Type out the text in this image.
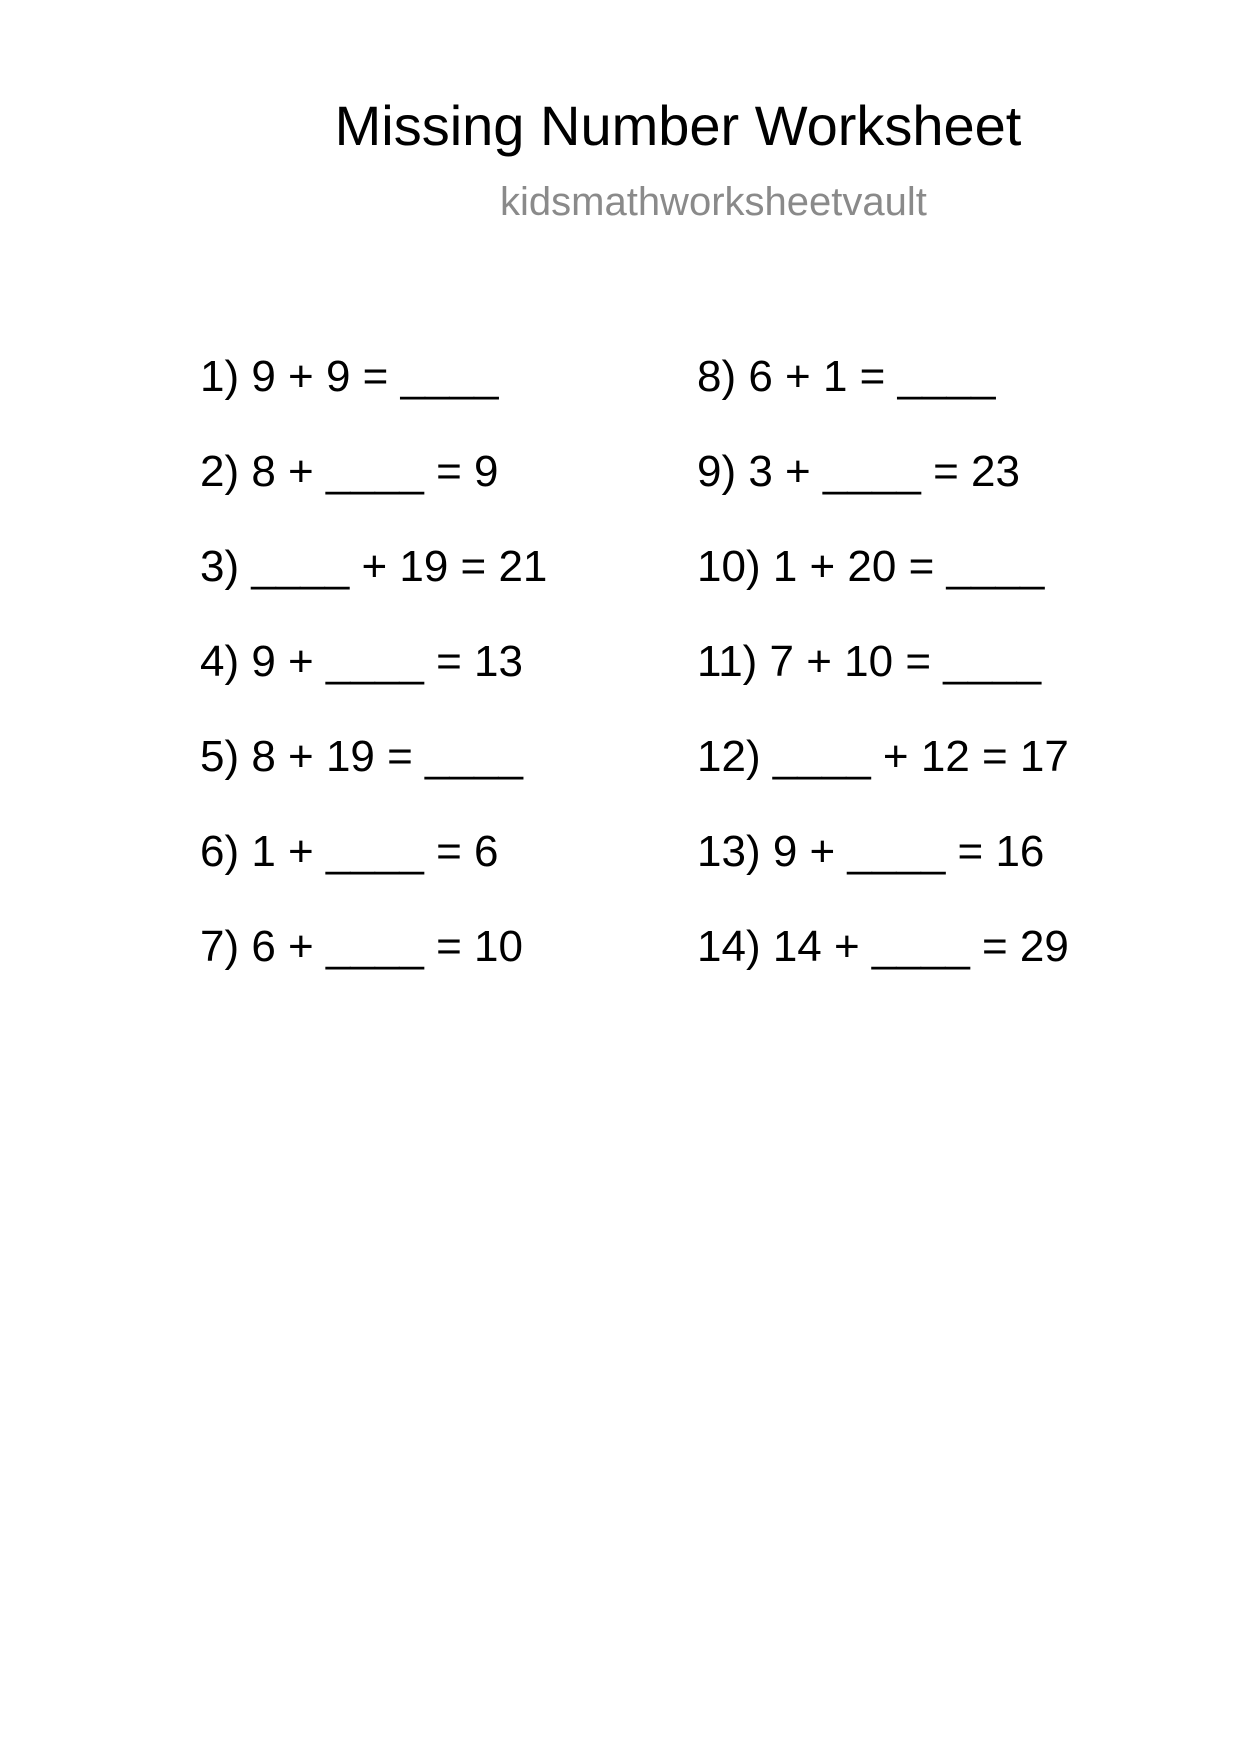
Missing Number Worksheet
kidsmathworksheetvault
1) 9 + 9 = ____
2) 8 + ____ = 9
3) ____ + 19 = 21
4) 9 + ____ = 13
5) 8 + 19 = ____
6) 1 + ____ = 6
7) 6 + ____ = 10
8) 6 + 1 = ____
9) 3 + ____ = 23
10) 1 + 20 = ____
11) 7 + 10 = ____
12) ____ + 12 = 17
13) 9 + ____ = 16
14) 14 + ____ = 29
